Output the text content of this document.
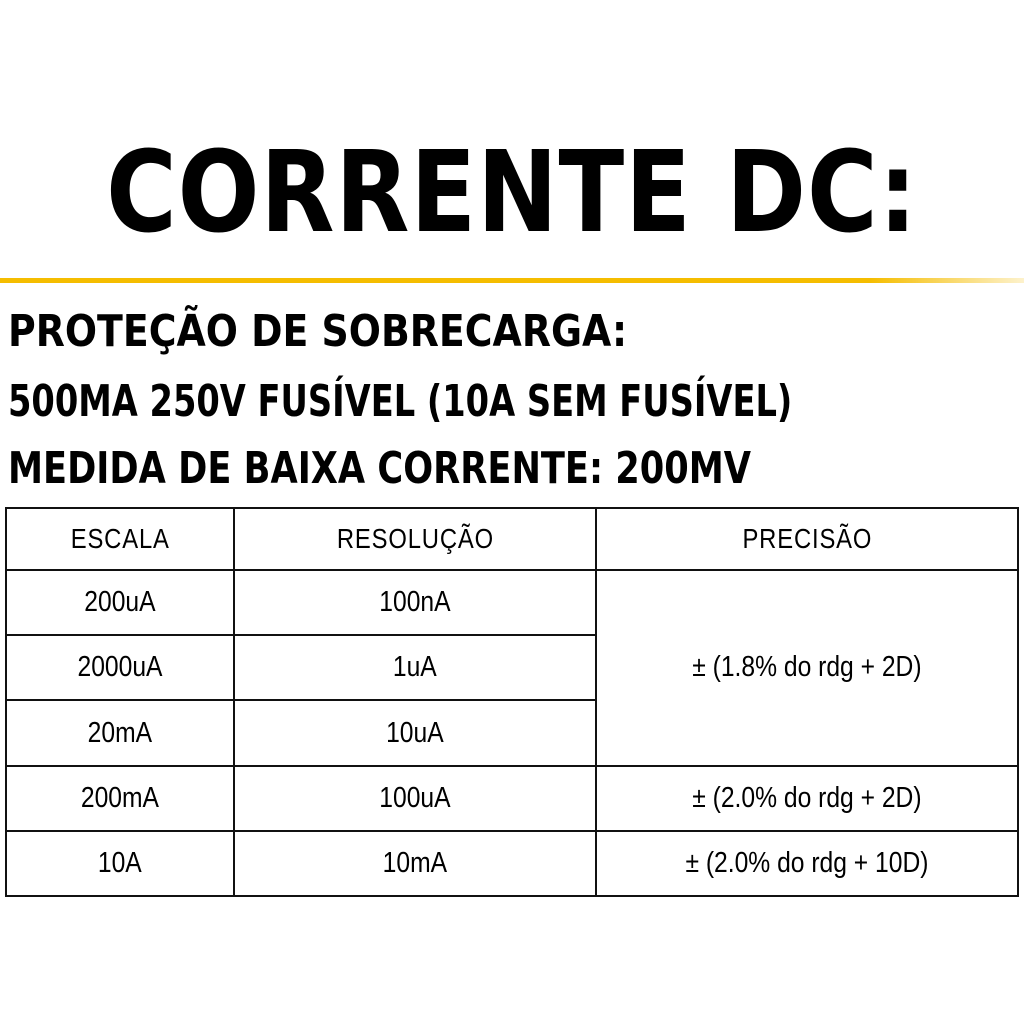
CORRENTE DC:
PROTEÇÃO DE SOBRECARGA:
500MA 250V FUSÍVEL (10A SEM FUSÍVEL)
MEDIDA DE BAIXA CORRENTE: 200MV
ESCALA	RESOLUÇÃO	PRECISÃO
200uA	100nA	± (1.8% do rdg + 2D)
2000uA	1uA	
20mA	10uA	
200mA	100uA	± (2.0% do rdg + 2D)
10A	10mA	± (2.0% do rdg + 10D)
